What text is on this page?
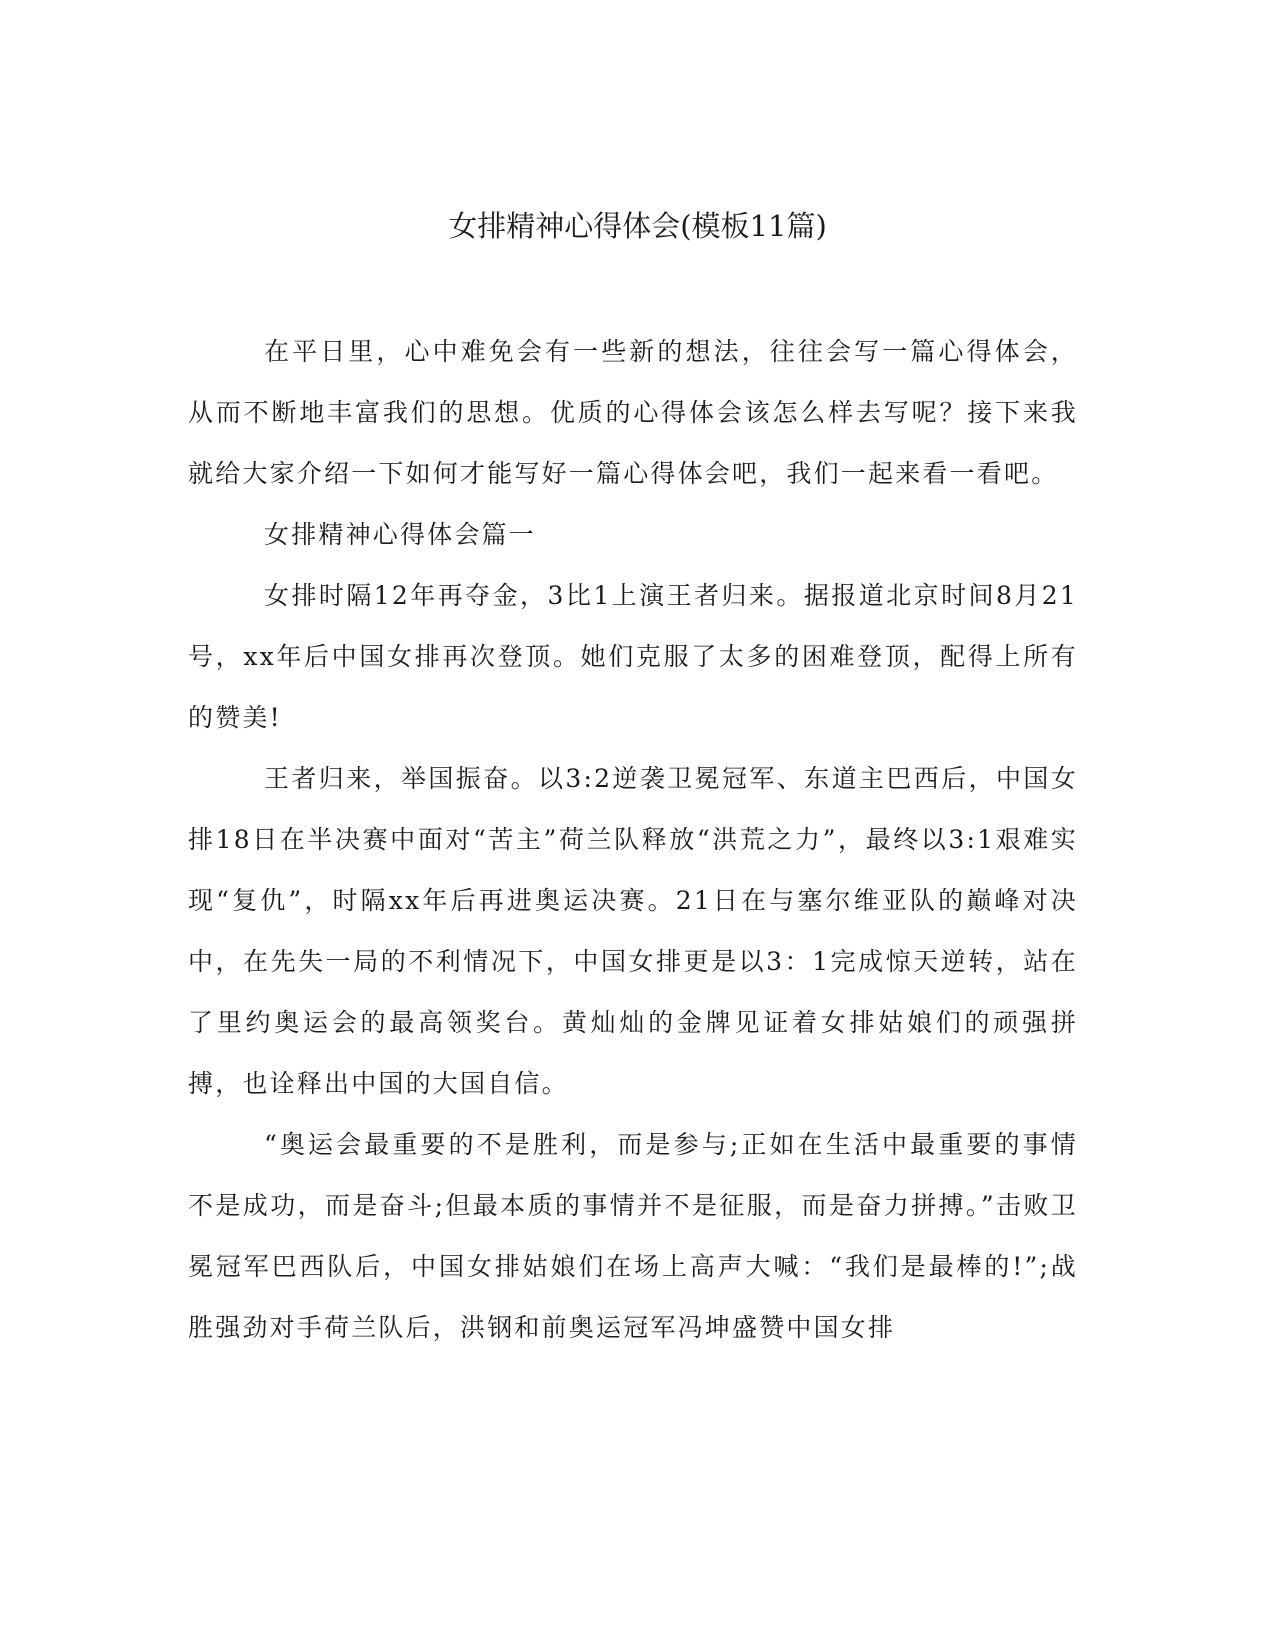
女排精神心得体会(模板11篇)

在平日里，心中难免会有一些新的想法，往往会写一篇心得体会，从而不断地丰富我们的思想。优质的心得体会该怎么样去写呢？接下来我就给大家介绍一下如何才能写好一篇心得体会吧，我们一起来看一看吧。

女排精神心得体会篇一

女排时隔12年再夺金，3比1上演王者归来。据报道北京时间8月21号，xx年后中国女排再次登顶。她们克服了太多的困难登顶，配得上所有的赞美!

王者归来，举国振奋。以3:2逆袭卫冕冠军、东道主巴西后，中国女排18日在半决赛中面对“苦主”荷兰队释放“洪荒之力”，最终以3:1艰难实现“复仇”，时隔xx年后再进奥运决赛。21日在与塞尔维亚队的巅峰对决中，在先失一局的不利情况下，中国女排更是以3：1完成惊天逆转，站在了里约奥运会的最高领奖台。黄灿灿的金牌见证着女排姑娘们的顽强拼搏，也诠释出中国的大国自信。

“奥运会最重要的不是胜利，而是参与;正如在生活中最重要的事情不是成功，而是奋斗;但最本质的事情并不是征服，而是奋力拼搏。”击败卫冕冠军巴西队后，中国女排姑娘们在场上高声大喊：“我们是最棒的!”;战胜强劲对手荷兰队后，洪钢和前奥运冠军冯坤盛赞中国女排
